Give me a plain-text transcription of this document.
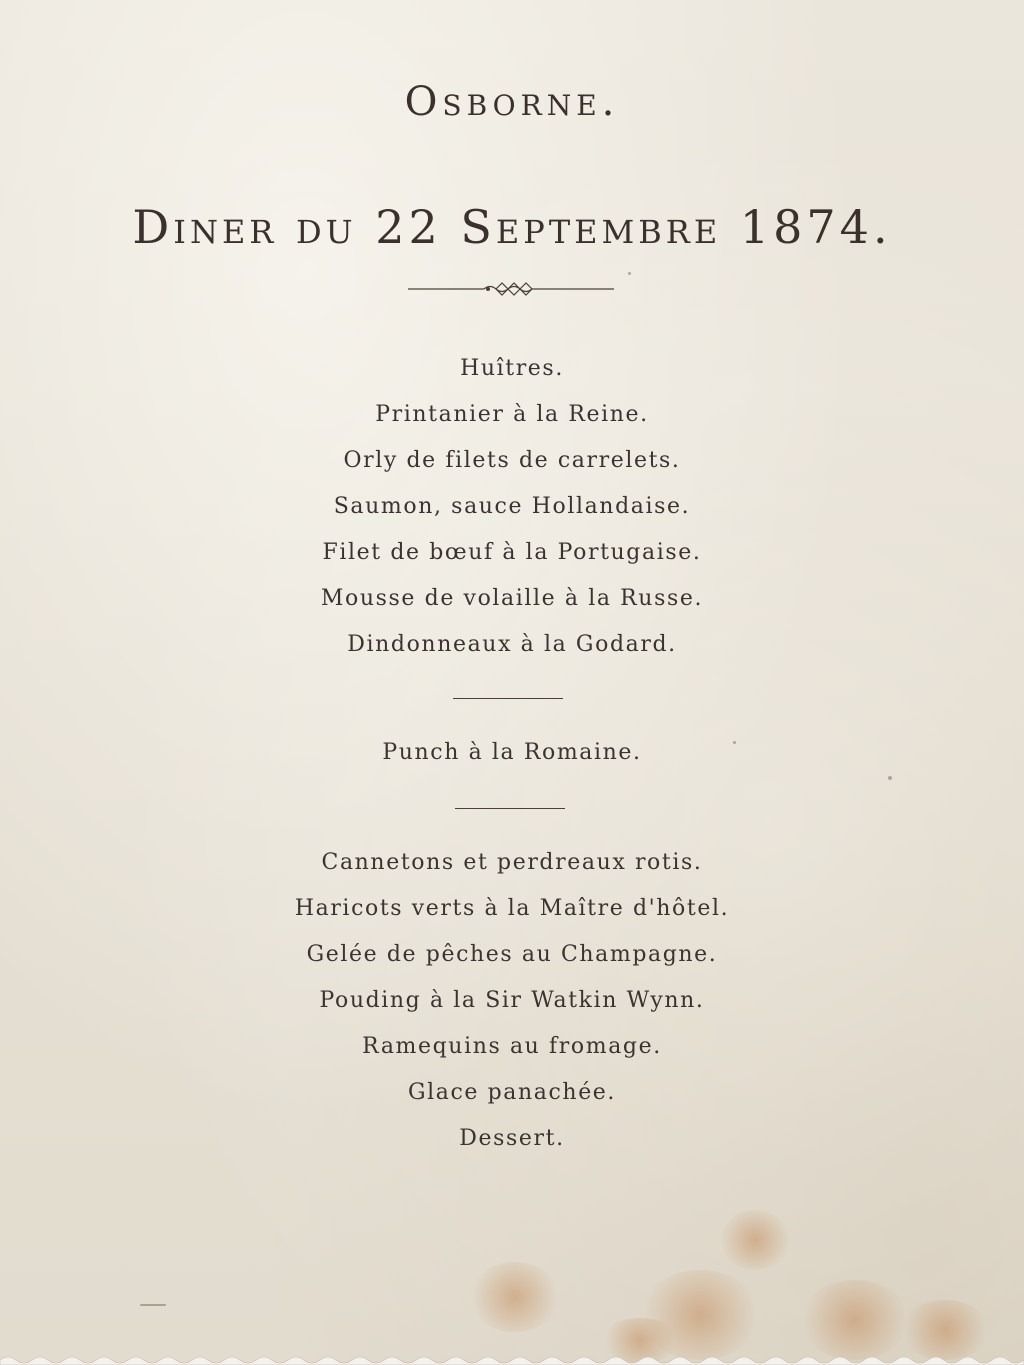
Osborne.
Diner du 22 Septembre 1874.
Huîtres.
Printanier à la Reine.
Orly de filets de carrelets.
Saumon, sauce Hollandaise.
Filet de bœuf à la Portugaise.
Mousse de volaille à la Russe.
Dindonneaux à la Godard.
Punch à la Romaine.
Cannetons et perdreaux rotis.
Haricots verts à la Maître d'hôtel.
Gelée de pêches au Champagne.
Pouding à la Sir Watkin Wynn.
Ramequins au fromage.
Glace panachée.
Dessert.
